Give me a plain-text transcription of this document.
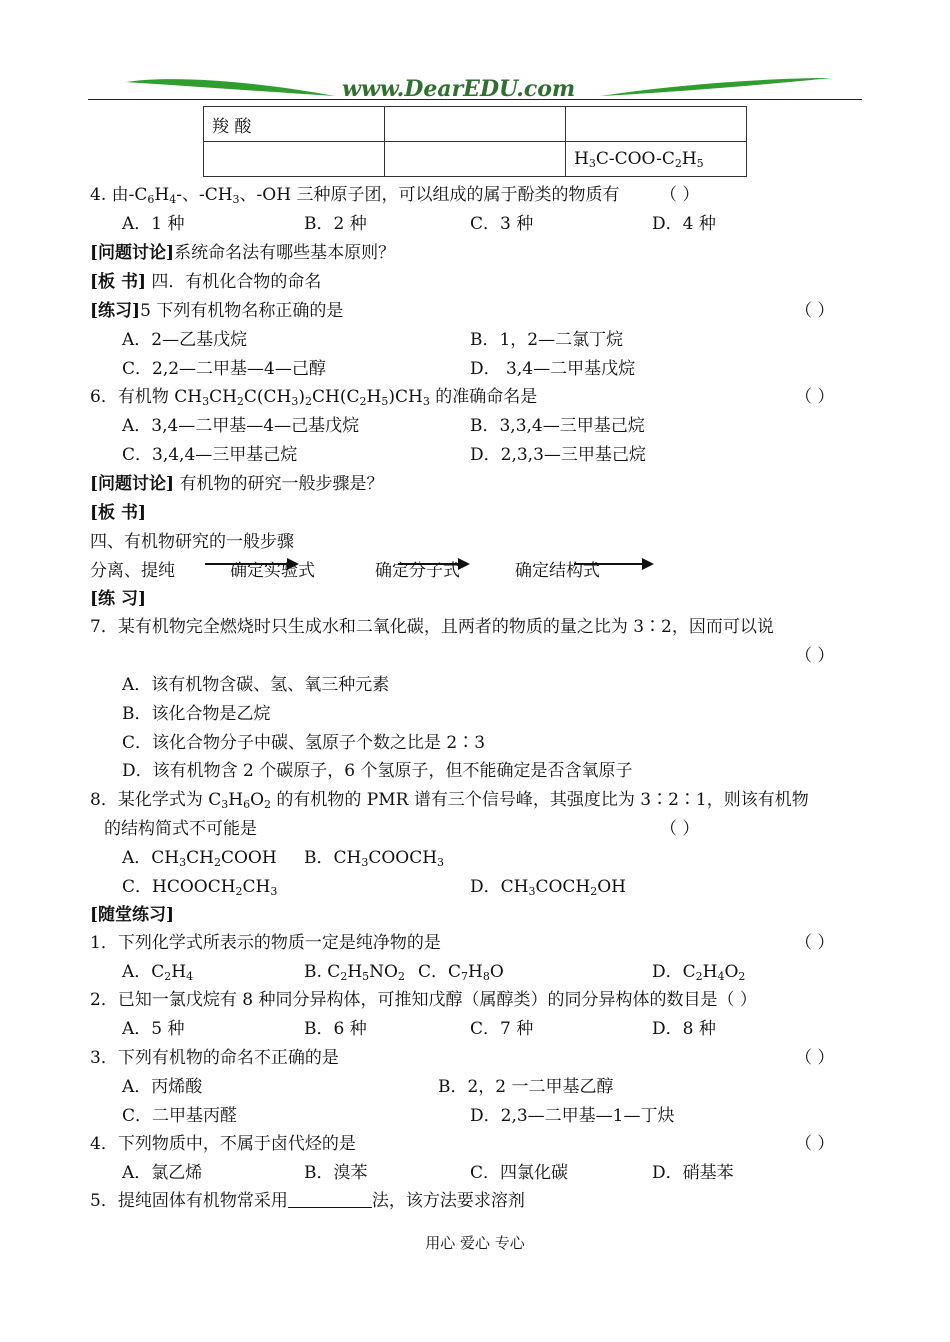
www.DearEDU.com
羧 酸		
		$H_3C-COO-C_2H_5$
4. 由$-C_6H_4-$、$-CH_3$、-OH 三种原子团，可以组成的属于酚类的物质有 （ ）
A．1 种	B．2 种	C．3 种	D．4 种
[问题讨论]系统命名法有哪些基本原则？
[板 书] 四．有机化合物的命名
[练习]5 下列有机物名称正确的是	（ ）
A．2—乙基戊烷	B．1，2—二氯丁烷
C．2,2—二甲基—4—己醇	D． 3,4—二甲基戊烷
6．有机物 $CH_3CH_2C(CH_3)_2CH(C_2H_5)CH_3$ 的准确命名是	（ ）
A．3,4—二甲基—4—己基戊烷	B．3,3,4—三甲基己烷
C．3,4,4—三甲基己烷	D．2,3,3—三甲基己烷
[问题讨论] 有机物的研究一般步骤是？
[板 书]
四、有机物研究的一般步骤
分离、提纯	确定实验式	确定分子式	确定结构式
[练 习]
7．某有机物完全燃烧时只生成水和二氧化碳，且两者的物质的量之比为 3∶2，因而可以说
（ ）
A．该有机物含碳、氢、氧三种元素
B．该化合物是乙烷
C．该化合物分子中碳、氢原子个数之比是 2∶3
D．该有机物含 2 个碳原子，6 个氢原子，但不能确定是否含氧原子
8．某化学式为 $C_3H_6O_2$ 的有机物的 PMR 谱有三个信号峰，其强度比为 3∶2∶1，则该有机物
的结构简式不可能是	（ ）
A．$CH_3CH_2COOH$ B．$CH_3COOCH_3$
C．$HCOOCH_2CH_3$	D．$CH_3COCH_2OH$
[随堂练习]
1．下列化学式所表示的物质一定是纯净物的是	（ ）
A．$C_2H_4$	B. $C_2H_5NO_2$ C．$C_7H_8O$	D．$C_2H_4O_2$
2．已知一氯戊烷有 8 种同分异构体，可推知戊醇（属醇类）的同分异构体的数目是（ ）
A．5 种	B．6 种	C．7 种	D．8 种
3．下列有机物的命名不正确的是	（ ）
A．丙烯酸	B．2，2 一二甲基乙醇
C．二甲基丙醛	D．2,3—二甲基—1—丁炔
4．下列物质中，不属于卤代烃的是	（ ）
A．氯乙烯	B．溴苯	C．四氯化碳	D．硝基苯
5．提纯固体有机物常采用	法，该方法要求溶剂
用心 爱心 专心
